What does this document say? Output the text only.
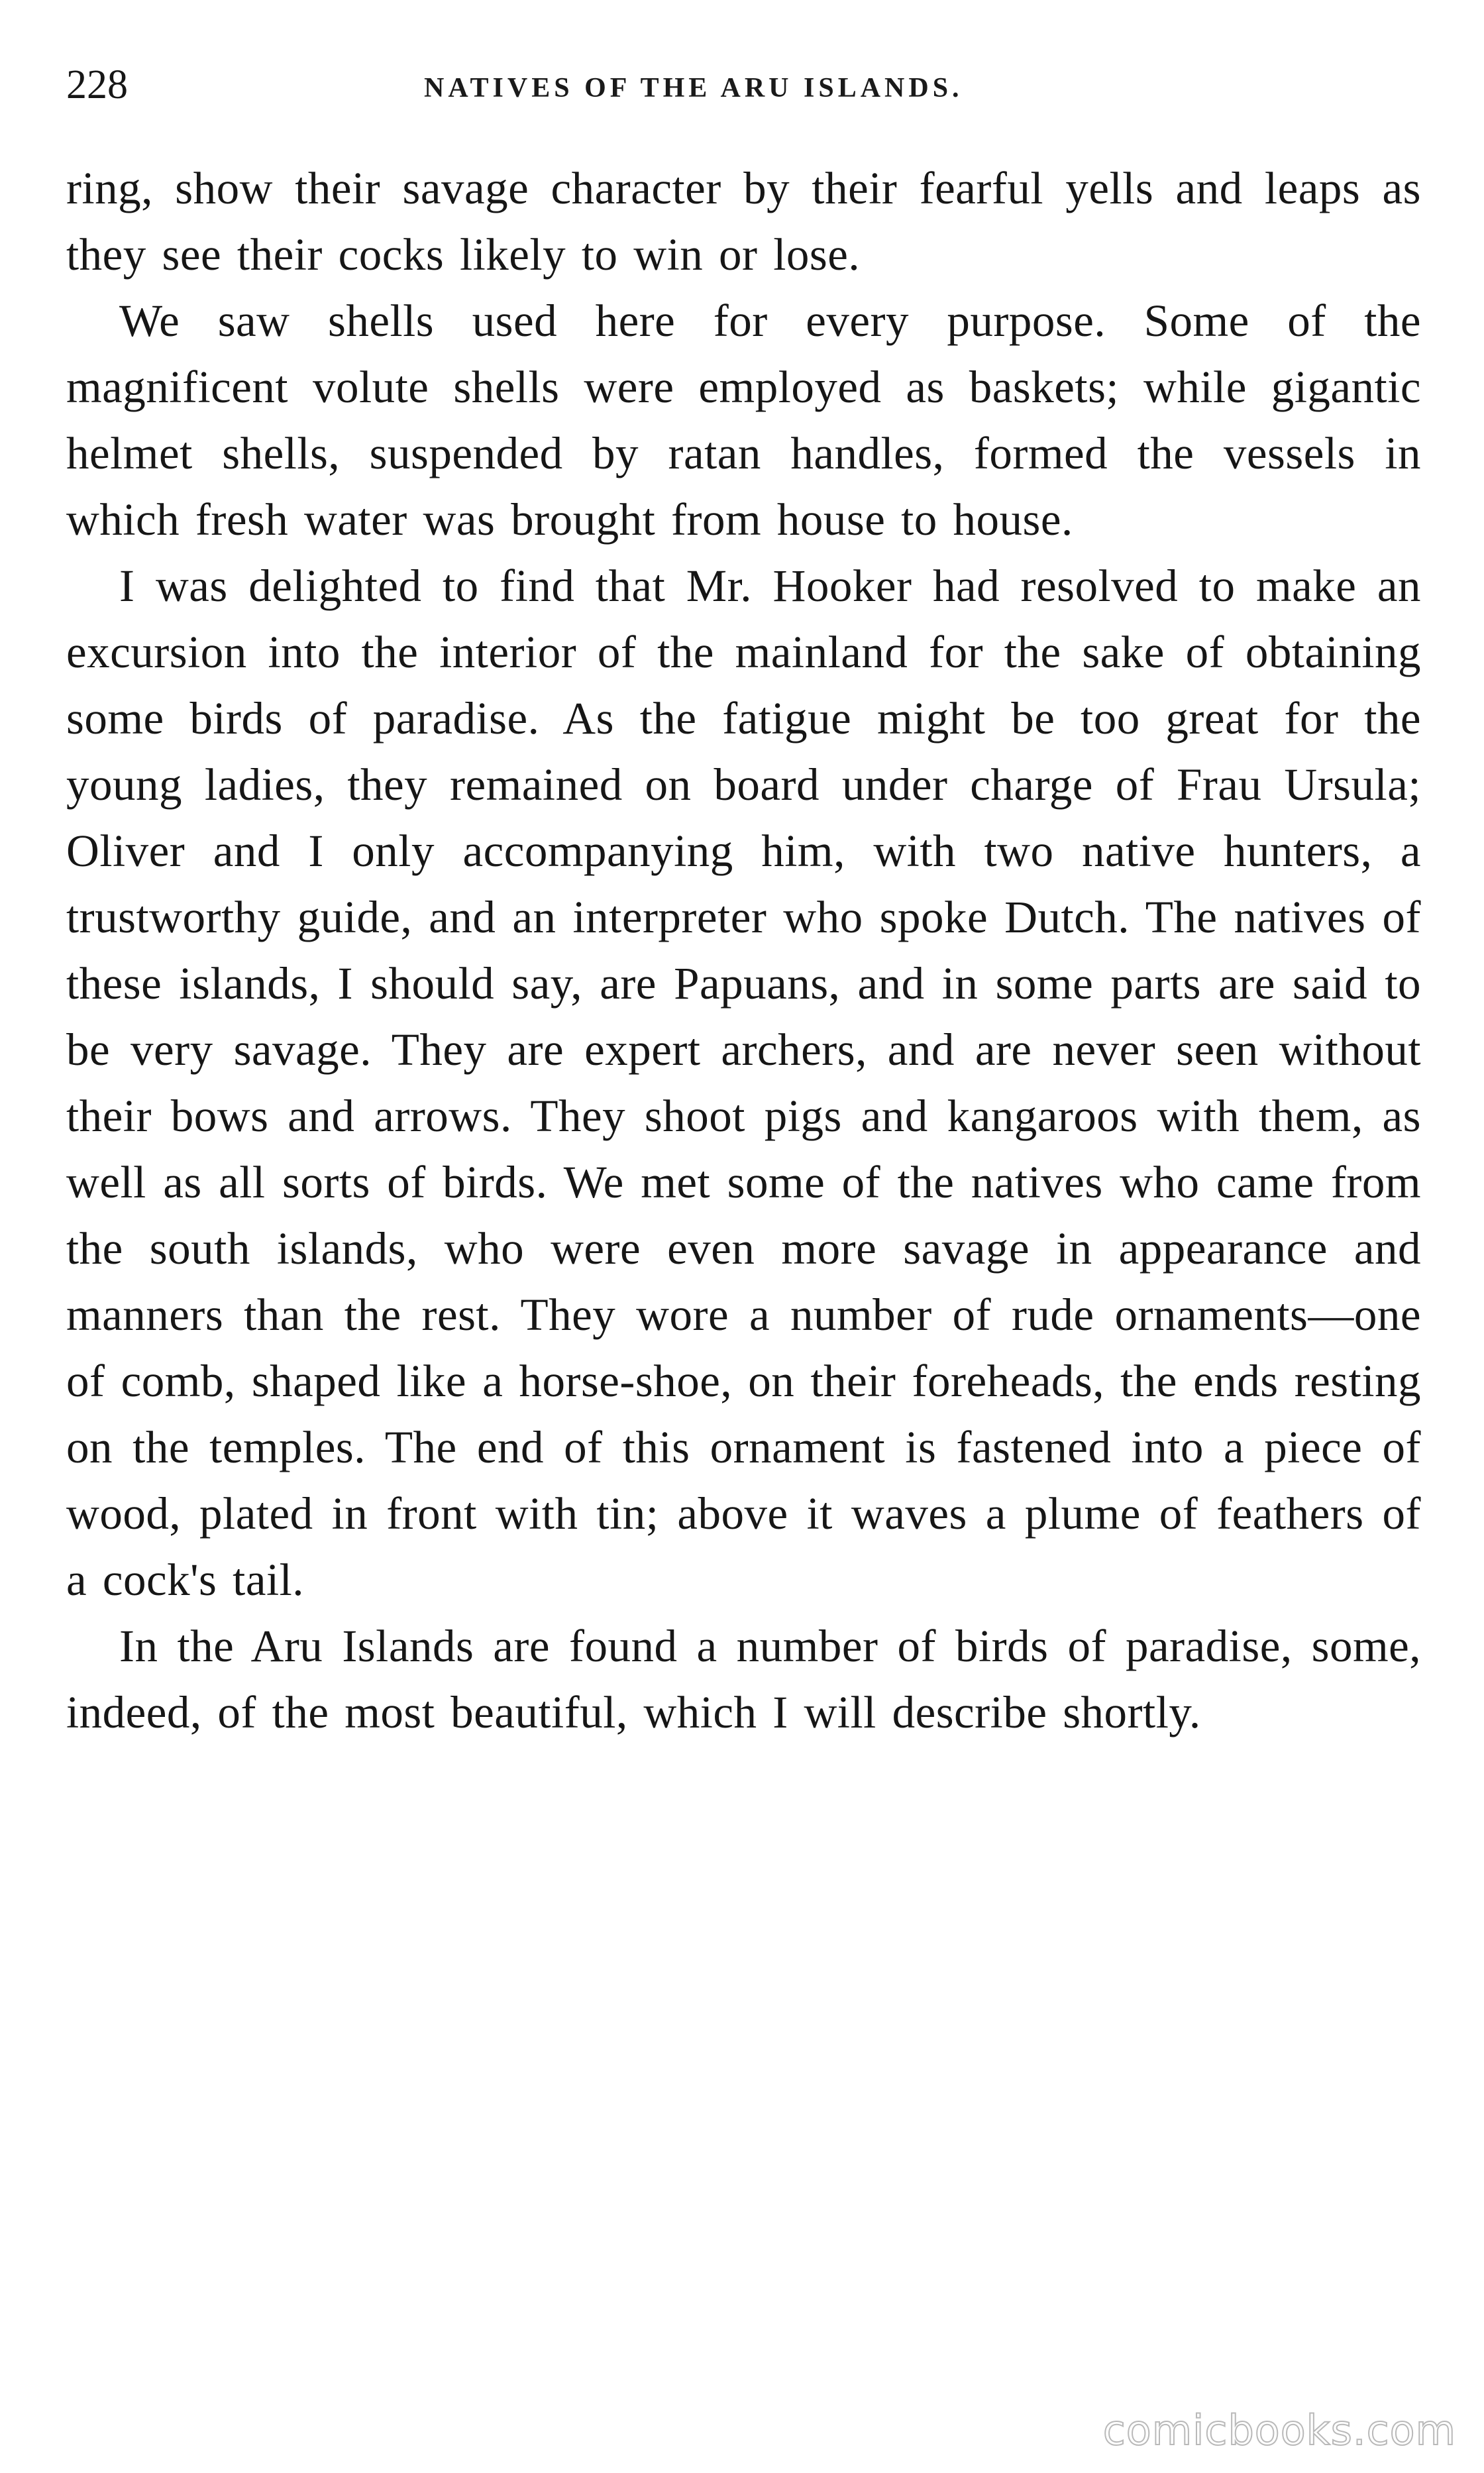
228	NATIVES OF THE ARU ISLANDS.

ring, show their savage character by their fearful yells and leaps as they see their cocks likely to win or lose.

We saw shells used here for every purpose. Some of the magnificent volute shells were employed as baskets; while gigantic helmet shells, suspended by ratan handles, formed the vessels in which fresh water was brought from house to house.

I was delighted to find that Mr. Hooker had resolved to make an excursion into the interior of the mainland for the sake of obtaining some birds of paradise. As the fatigue might be too great for the young ladies, they remained on board under charge of Frau Ursula; Oliver and I only accompanying him, with two native hunters, a trustworthy guide, and an interpreter who spoke Dutch. The natives of these islands, I should say, are Papuans, and in some parts are said to be very savage. They are expert archers, and are never seen without their bows and arrows. They shoot pigs and kangaroos with them, as well as all sorts of birds. We met some of the natives who came from the south islands, who were even more savage in appearance and manners than the rest. They wore a number of rude ornaments—one of comb, shaped like a horse-shoe, on their foreheads, the ends resting on the temples. The end of this ornament is fastened into a piece of wood, plated in front with tin; above it waves a plume of feathers of a cock's tail.

In the Aru Islands are found a number of birds of paradise, some, indeed, of the most beautiful, which I will describe shortly.

comicbooks.com
